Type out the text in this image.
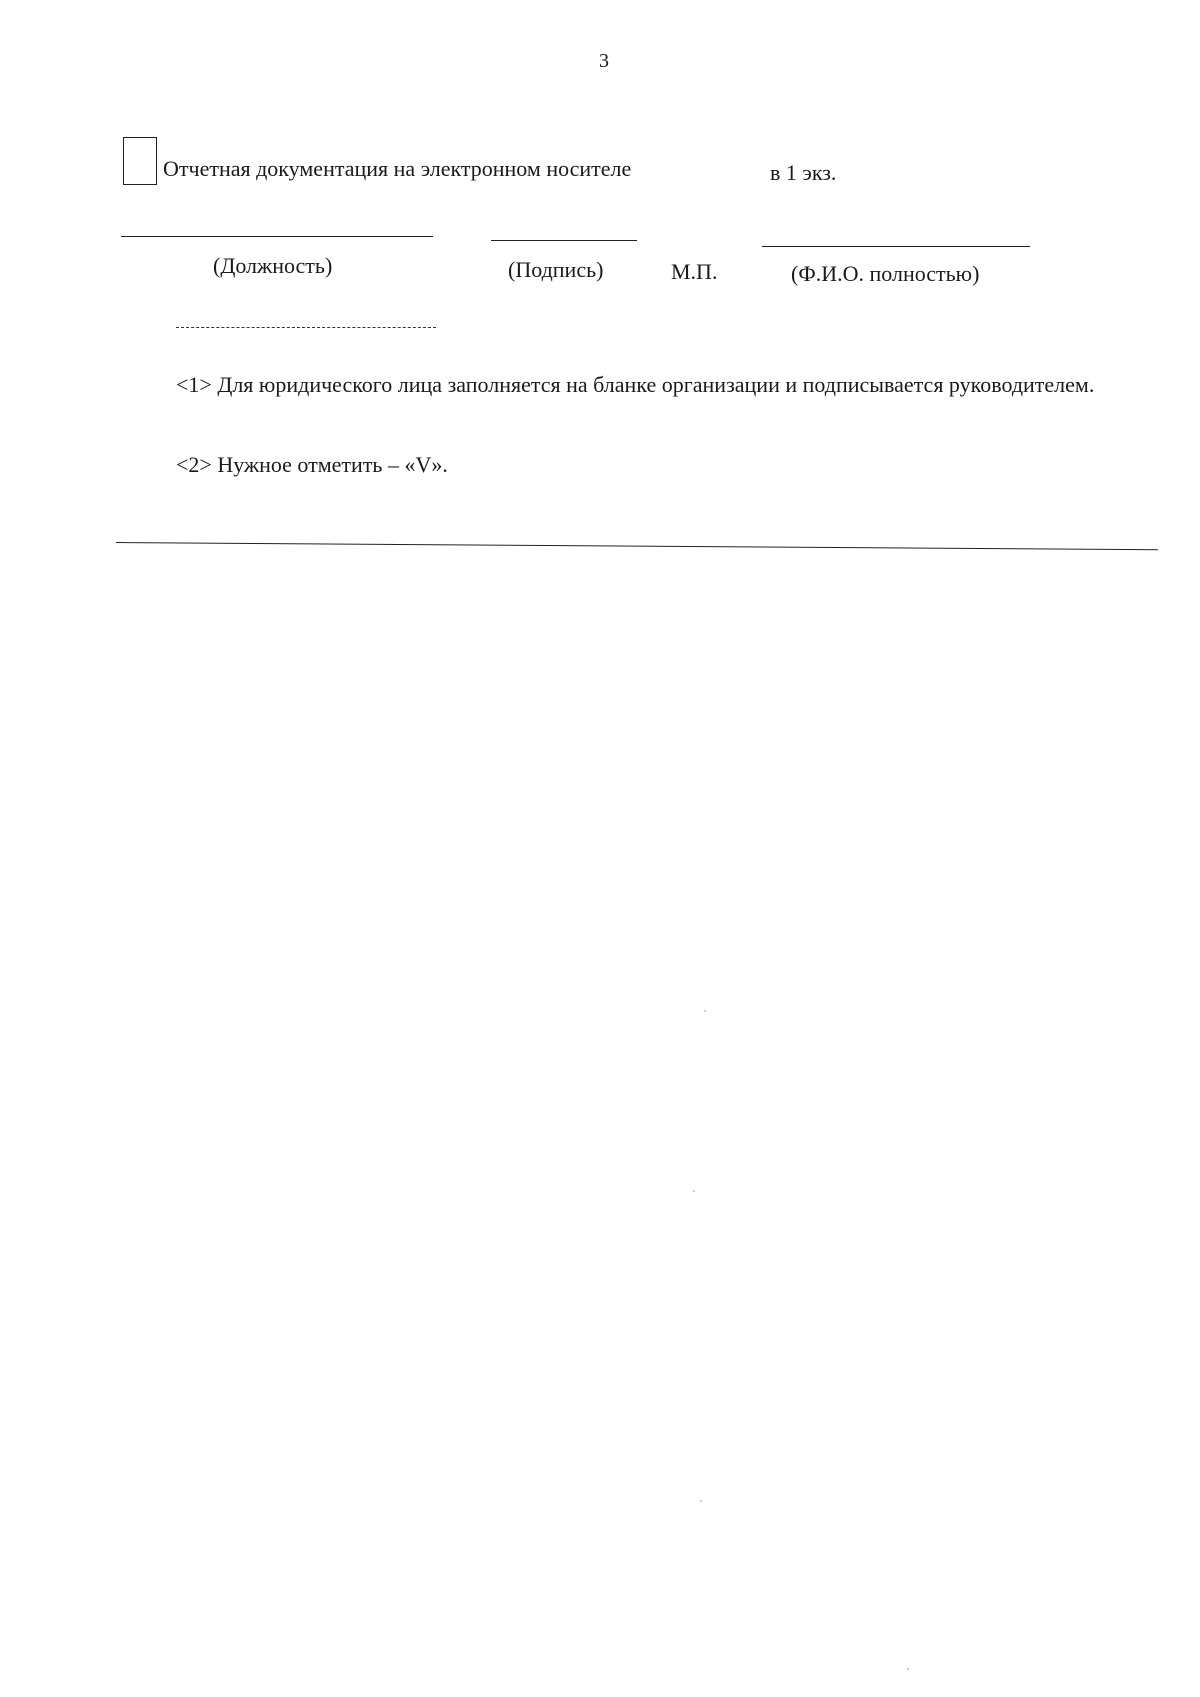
3
Отчетная документация на электронном носителе	в 1 экз.
(Должность)	(Подпись)	М.П.	(Ф.И.О. полностью)
<1> Для юридического лица заполняется на бланке организации и подписывается руководителем.
<2> Нужное отметить – «V».
